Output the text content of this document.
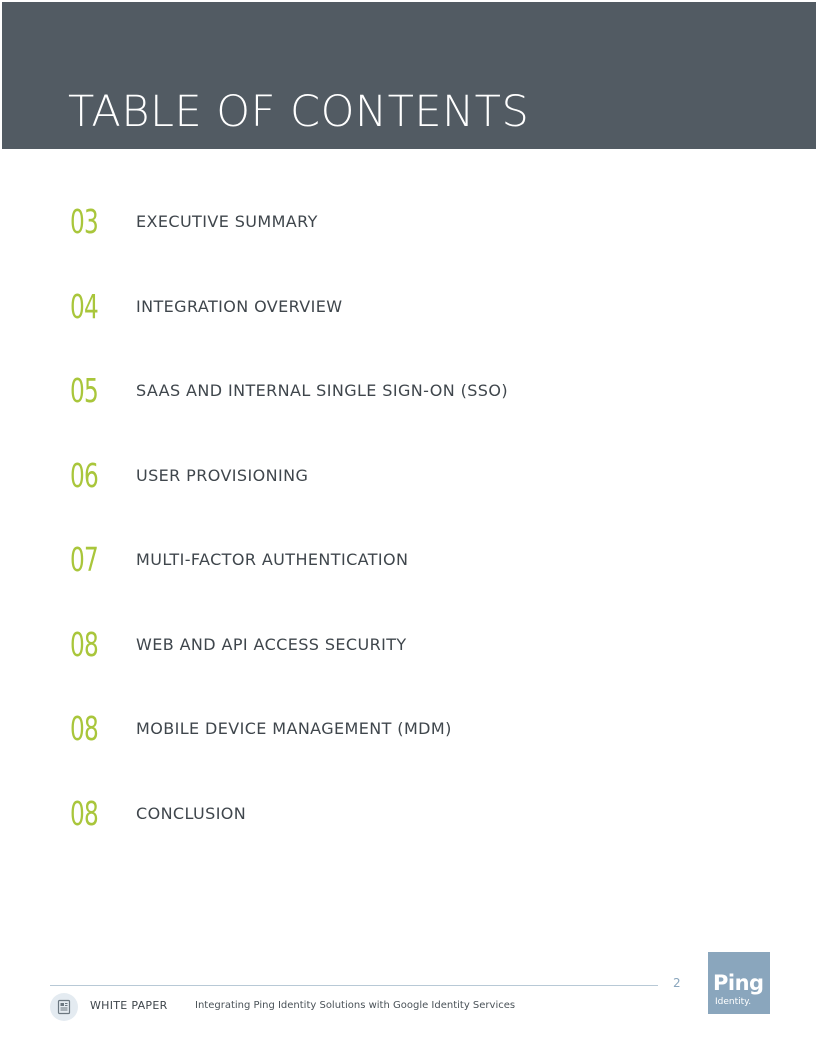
TABLE OF CONTENTS
03 EXECUTIVE SUMMARY
04 INTEGRATION OVERVIEW
05 SAAS AND INTERNAL SINGLE SIGN-ON (SSO)
06 USER PROVISIONING
07 MULTI-FACTOR AUTHENTICATION
08 WEB AND API ACCESS SECURITY
08 MOBILE DEVICE MANAGEMENT (MDM)
08 CONCLUSION
2
WHITE PAPER	Integrating Ping Identity Solutions with Google Identity Services
Ping
Identity.
